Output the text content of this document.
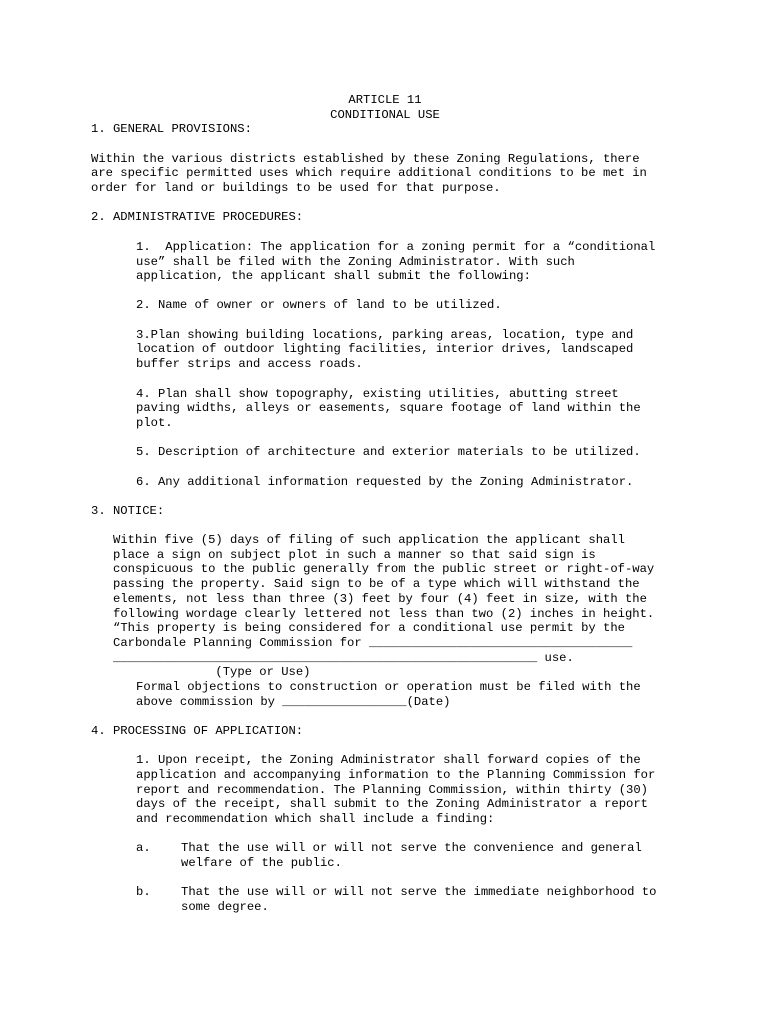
ARTICLE 11
CONDITIONAL USE
1. GENERAL PROVISIONS:
Within the various districts established by these Zoning Regulations, there
are specific permitted uses which require additional conditions to be met in
order for land or buildings to be used for that purpose.
2. ADMINISTRATIVE PROCEDURES:
1.  Application: The application for a zoning permit for a “conditional
use” shall be filed with the Zoning Administrator. With such
application, the applicant shall submit the following:
2. Name of owner or owners of land to be utilized.
3.Plan showing building locations, parking areas, location, type and
location of outdoor lighting facilities, interior drives, landscaped
buffer strips and access roads.
4. Plan shall show topography, existing utilities, abutting street
paving widths, alleys or easements, square footage of land within the
plot.
5. Description of architecture and exterior materials to be utilized.
6. Any additional information requested by the Zoning Administrator.
3. NOTICE:
Within five (5) days of filing of such application the applicant shall
place a sign on subject plot in such a manner so that said sign is
conspicuous to the public generally from the public street or right-of-way
passing the property. Said sign to be of a type which will withstand the
elements, not less than three (3) feet by four (4) feet in size, with the
following wordage clearly lettered not less than two (2) inches in height.
“This property is being considered for a conditional use permit by the
Carbondale Planning Commission for ____________________________________
__________________________________________________________ use.
(Type or Use)
Formal objections to construction or operation must be filed with the
above commission by _________________(Date)
4. PROCESSING OF APPLICATION:
1. Upon receipt, the Zoning Administrator shall forward copies of the
application and accompanying information to the Planning Commission for
report and recommendation. The Planning Commission, within thirty (30)
days of the receipt, shall submit to the Zoning Administrator a report
and recommendation which shall include a finding:
a. That the use will or will not serve the convenience and general
welfare of the public.
b. That the use will or will not serve the immediate neighborhood to
some degree.
